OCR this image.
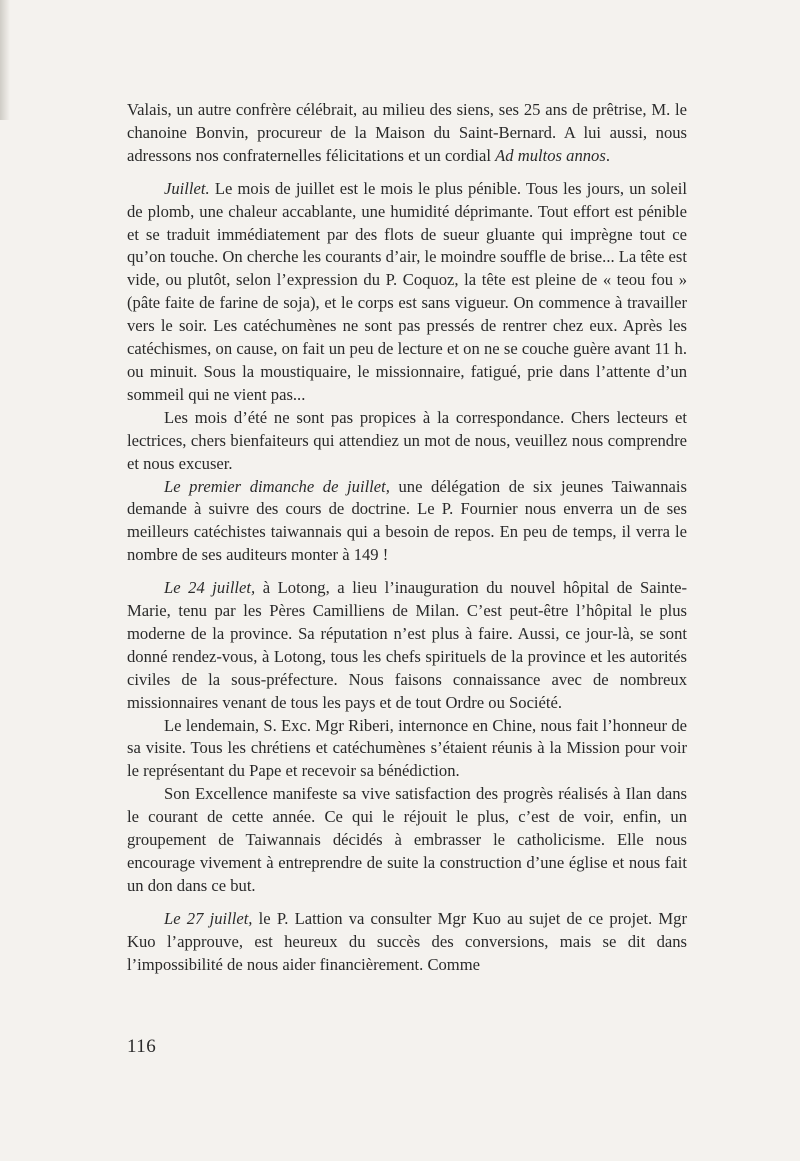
Valais, un autre confrère célébrait, au milieu des siens, ses 25 ans de prêtrise, M. le chanoine Bonvin, procureur de la Maison du Saint-Bernard. A lui aussi, nous adressons nos confraternelles félicitations et un cordial Ad multos annos.

Juillet. Le mois de juillet est le mois le plus pénible. Tous les jours, un soleil de plomb, une chaleur accablante, une humidité déprimante. Tout effort est pénible et se traduit immédiatement par des flots de sueur gluante qui imprègne tout ce qu’on touche. On cherche les courants d’air, le moindre souffle de brise... La tête est vide, ou plutôt, selon l’expression du P. Coquoz, la tête est pleine de « teou fou » (pâte faite de farine de soja), et le corps est sans vigueur. On commence à travailler vers le soir. Les catéchumènes ne sont pas pressés de rentrer chez eux. Après les catéchismes, on cause, on fait un peu de lecture et on ne se couche guère avant 11 h. ou minuit. Sous la moustiquaire, le missionnaire, fatigué, prie dans l’attente d’un sommeil qui ne vient pas...

Les mois d’été ne sont pas propices à la correspondance. Chers lecteurs et lectrices, chers bienfaiteurs qui attendiez un mot de nous, veuillez nous comprendre et nous excuser.

Le premier dimanche de juillet, une délégation de six jeunes Taiwannais demande à suivre des cours de doctrine. Le P. Fournier nous enverra un de ses meilleurs catéchistes taiwannais qui a besoin de repos. En peu de temps, il verra le nombre de ses auditeurs monter à 149 !

Le 24 juillet, à Lotong, a lieu l’inauguration du nouvel hôpital de Sainte-Marie, tenu par les Pères Camilliens de Milan. C’est peut-être l’hôpital le plus moderne de la province. Sa réputation n’est plus à faire. Aussi, ce jour-là, se sont donné rendez-vous, à Lotong, tous les chefs spirituels de la province et les autorités civiles de la sous-préfecture. Nous faisons connaissance avec de nombreux missionnaires venant de tous les pays et de tout Ordre ou Société.

Le lendemain, S. Exc. Mgr Riberi, internonce en Chine, nous fait l’honneur de sa visite. Tous les chrétiens et catéchumènes s’étaient réunis à la Mission pour voir le représentant du Pape et recevoir sa bénédiction.

Son Excellence manifeste sa vive satisfaction des progrès réalisés à Ilan dans le courant de cette année. Ce qui le réjouit le plus, c’est de voir, enfin, un groupement de Taiwannais décidés à embrasser le catholicisme. Elle nous encourage vivement à entreprendre de suite la construction d’une église et nous fait un don dans ce but.

Le 27 juillet, le P. Lattion va consulter Mgr Kuo au sujet de ce projet. Mgr Kuo l’approuve, est heureux du succès des conversions, mais se dit dans l’impossibilité de nous aider financièrement. Comme

116
